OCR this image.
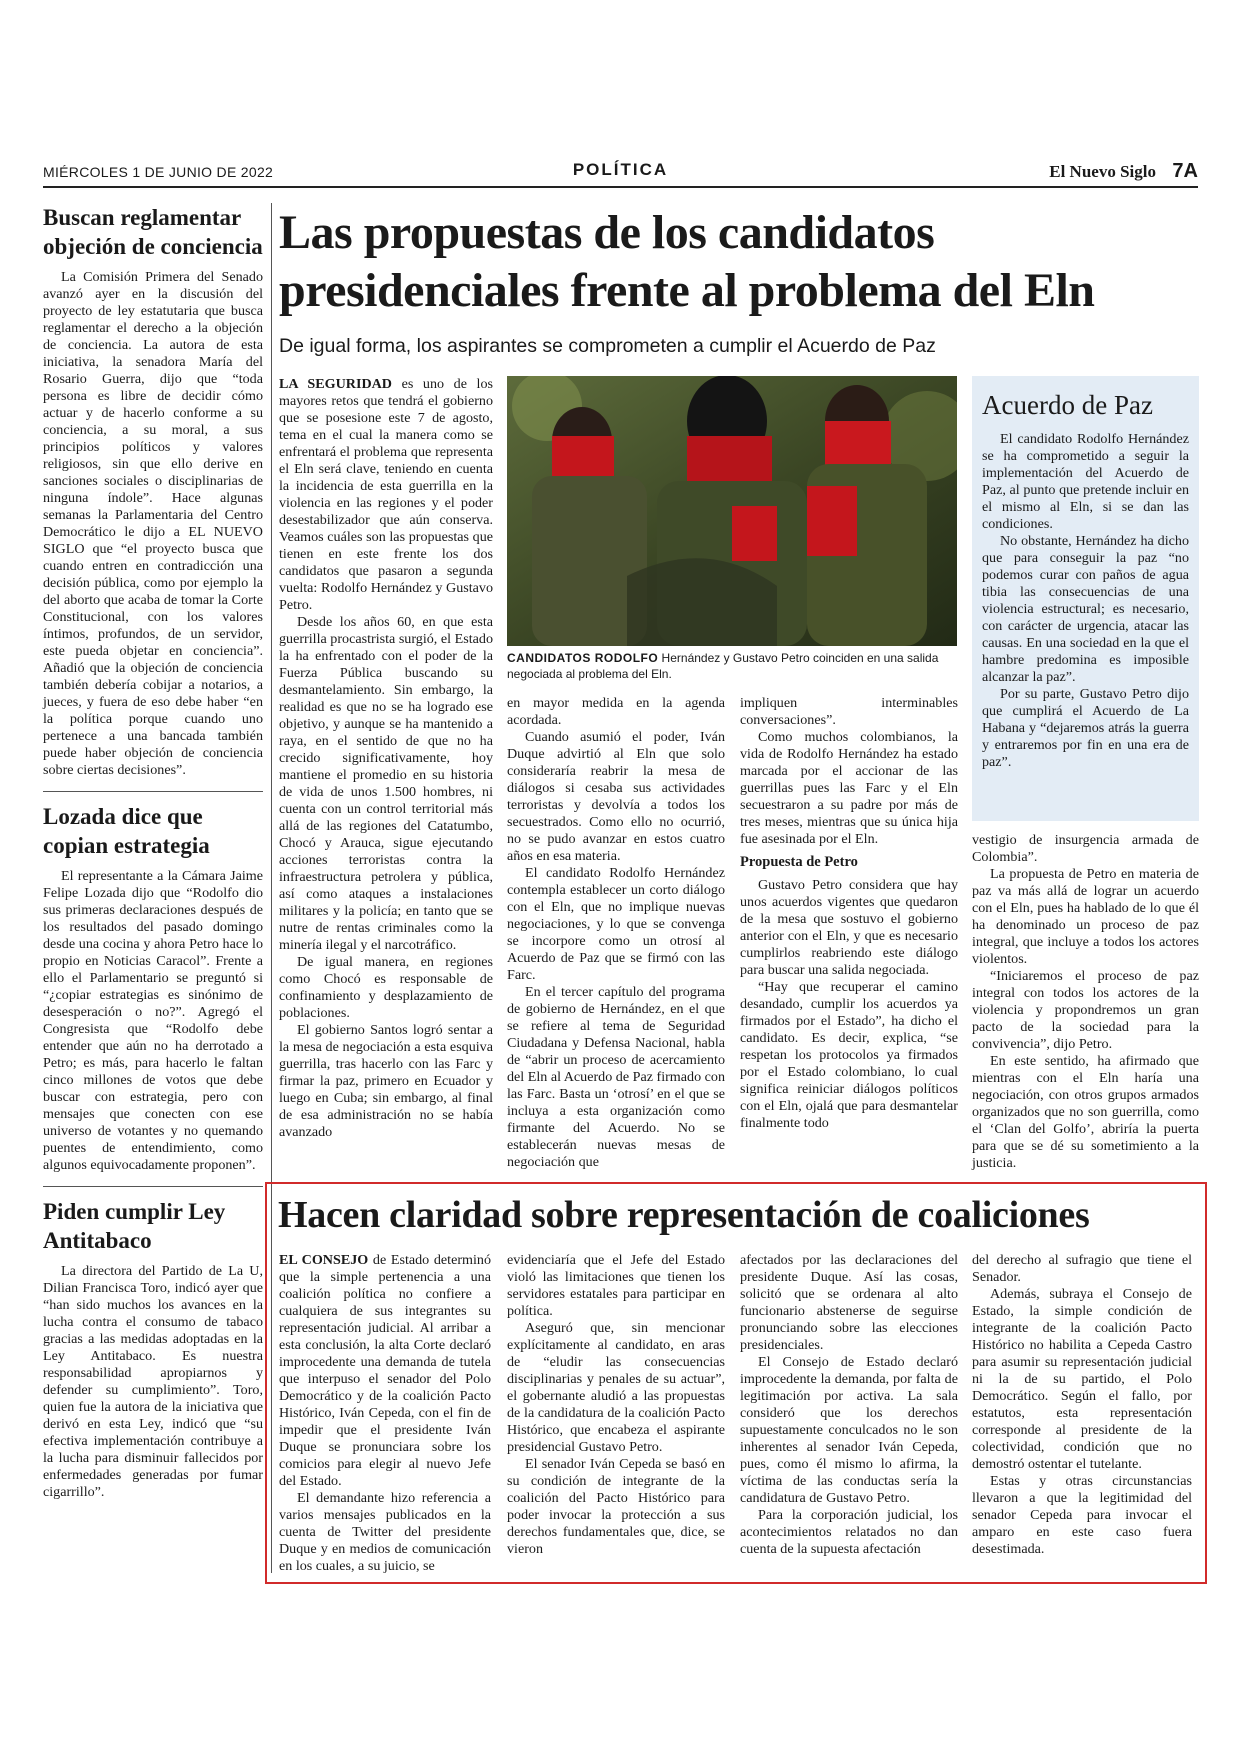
MIÉRCOLES 1 DE JUNIO DE 2022	POLÍTICA	El Nuevo Siglo 7A
Buscan reglamentar objeción de conciencia

La Comisión Primera del Senado avanzó ayer en la discusión del proyecto de ley estatutaria que busca reglamentar el derecho a la objeción de conciencia. La autora de esta iniciativa, la senadora María del Rosario Guerra, dijo que “toda persona es libre de decidir cómo actuar y de hacerlo conforme a su conciencia, a su moral, a sus principios políticos y valores religiosos, sin que ello derive en sanciones sociales o disciplinarias de ninguna índole”. Hace algunas semanas la Parlamentaria del Centro Democrático le dijo a EL NUEVO SIGLO que “el proyecto busca que cuando entren en contradicción una decisión pública, como por ejemplo la del aborto que acaba de tomar la Corte Constitucional, con los valores íntimos, profundos, de un servidor, este pueda objetar en conciencia”. Añadió que la objeción de conciencia también debería cobijar a notarios, a jueces, y fuera de eso debe haber “en la política porque cuando uno pertenece a una bancada también puede haber objeción de conciencia sobre ciertas decisiones”.

Lozada dice que copian estrategia

El representante a la Cámara Jaime Felipe Lozada dijo que “Rodolfo dio sus primeras declaraciones después de los resultados del pasado domingo desde una cocina y ahora Petro hace lo propio en Noticias Caracol”. Frente a ello el Parlamentario se preguntó si “¿copiar estrategias es sinónimo de desesperación o no?”. Agregó el Congresista que “Rodolfo debe entender que aún no ha derrotado a Petro; es más, para hacerlo le faltan cinco millones de votos que debe buscar con estrategia, pero con mensajes que conecten con ese universo de votantes y no quemando puentes de entendimiento, como algunos equivocadamente proponen”.

Piden cumplir Ley Antitabaco

La directora del Partido de La U, Dilian Francisca Toro, indicó ayer que “han sido muchos los avances en la lucha contra el consumo de tabaco gracias a las medidas adoptadas en la Ley Antitabaco. Es nuestra responsabilidad apropiarnos y defender su cumplimiento”. Toro, quien fue la autora de la iniciativa que derivó en esta Ley, indicó que “su efectiva implementación contribuye a la lucha para disminuir fallecidos por enfermedades generadas por fumar cigarrillo”.

Las propuestas de los candidatos presidenciales frente al problema del Eln
De igual forma, los aspirantes se comprometen a cumplir el Acuerdo de Paz

LA SEGURIDAD es uno de los mayores retos que tendrá el gobierno que se posesione este 7 de agosto, tema en el cual la manera como se enfrentará el problema que representa el Eln será clave, teniendo en cuenta la incidencia de esta guerrilla en la violencia en las regiones y el poder desestabilizador que aún conserva. Veamos cuáles son las propuestas que tienen en este frente los dos candidatos que pasaron a segunda vuelta: Rodolfo Hernández y Gustavo Petro.

Desde los años 60, en que esta guerrilla procastrista surgió, el Estado la ha enfrentado con el poder de la Fuerza Pública buscando su desmantelamiento. Sin embargo, la realidad es que no se ha logrado ese objetivo, y aunque se ha mantenido a raya, en el sentido de que no ha crecido significativamente, hoy mantiene el promedio en su historia de vida de unos 1.500 hombres, ni cuenta con un control territorial más allá de las regiones del Catatumbo, Chocó y Arauca, sigue ejecutando acciones terroristas contra la infraestructura petrolera y pública, así como ataques a instalaciones militares y la policía; en tanto que se nutre de rentas criminales como la minería ilegal y el narcotráfico.

De igual manera, en regiones como Chocó es responsable de confinamiento y desplazamiento de poblaciones.

El gobierno Santos logró sentar a la mesa de negociación a esta esquiva guerrilla, tras hacerlo con las Farc y firmar la paz, primero en Ecuador y luego en Cuba; sin embargo, al final de esa administración no se había avanzado

CANDIDATOS RODOLFO Hernández y Gustavo Petro coinciden en una salida negociada al problema del Eln.

en mayor medida en la agenda acordada.

Cuando asumió el poder, Iván Duque advirtió al Eln que solo consideraría reabrir la mesa de diálogos si cesaba sus actividades terroristas y devolvía a todos los secuestrados. Como ello no ocurrió, no se pudo avanzar en estos cuatro años en esa materia.

El candidato Rodolfo Hernández contempla establecer un corto diálogo con el Eln, que no implique nuevas negociaciones, y lo que se convenga se incorpore como un otrosí al Acuerdo de Paz que se firmó con las Farc.

En el tercer capítulo del programa de gobierno de Hernández, en el que se refiere al tema de Seguridad Ciudadana y Defensa Nacional, habla de “abrir un proceso de acercamiento del Eln al Acuerdo de Paz firmado con las Farc. Basta un ‘otrosí’ en el que se incluya a esta organización como firmante del Acuerdo. No se establecerán nuevas mesas de negociación que

impliquen interminables conversaciones”.

Como muchos colombianos, la vida de Rodolfo Hernández ha estado marcada por el accionar de las guerrillas pues las Farc y el Eln secuestraron a su padre por más de tres meses, mientras que su única hija fue asesinada por el Eln.

Propuesta de Petro

Gustavo Petro considera que hay unos acuerdos vigentes que quedaron de la mesa que sostuvo el gobierno anterior con el Eln, y que es necesario cumplirlos reabriendo este diálogo para buscar una salida negociada.

“Hay que recuperar el camino desandado, cumplir los acuerdos ya firmados por el Estado”, ha dicho el candidato. Es decir, explica, “se respetan los protocolos ya firmados por el Estado colombiano, lo cual significa reiniciar diálogos políticos con el Eln, ojalá que para desmantelar finalmente todo

Acuerdo de Paz

El candidato Rodolfo Hernández se ha comprometido a seguir la implementación del Acuerdo de Paz, al punto que pretende incluir en el mismo al Eln, si se dan las condiciones.

No obstante, Hernández ha dicho que para conseguir la paz “no podemos curar con paños de agua tibia las consecuencias de una violencia estructural; es necesario, con carácter de urgencia, atacar las causas. En una sociedad en la que el hambre predomina es imposible alcanzar la paz”.

Por su parte, Gustavo Petro dijo que cumplirá el Acuerdo de La Habana y “dejaremos atrás la guerra y entraremos por fin en una era de paz”.

vestigio de insurgencia armada de Colombia”.

La propuesta de Petro en materia de paz va más allá de lograr un acuerdo con el Eln, pues ha hablado de lo que él ha denominado un proceso de paz integral, que incluye a todos los actores violentos.

“Iniciaremos el proceso de paz integral con todos los actores de la violencia y propondremos un gran pacto de la sociedad para la convivencia”, dijo Petro.

En este sentido, ha afirmado que mientras con el Eln haría una negociación, con otros grupos armados organizados que no son guerrilla, como el ‘Clan del Golfo’, abriría la puerta para que se dé su sometimiento a la justicia.

Hacen claridad sobre representación de coaliciones

EL CONSEJO de Estado determinó que la simple pertenencia a una coalición política no confiere a cualquiera de sus integrantes su representación judicial. Al arribar a esta conclusión, la alta Corte declaró improcedente una demanda de tutela que interpuso el senador del Polo Democrático y de la coalición Pacto Histórico, Iván Cepeda, con el fin de impedir que el presidente Iván Duque se pronunciara sobre los comicios para elegir al nuevo Jefe del Estado.

El demandante hizo referencia a varios mensajes publicados en la cuenta de Twitter del presidente Duque y en medios de comunicación en los cuales, a su juicio, se

evidenciaría que el Jefe del Estado violó las limitaciones que tienen los servidores estatales para participar en política.

Aseguró que, sin mencionar explícitamente al candidato, en aras de “eludir las consecuencias disciplinarias y penales de su actuar”, el gobernante aludió a las propuestas de la candidatura de la coalición Pacto Histórico, que encabeza el aspirante presidencial Gustavo Petro.

El senador Iván Cepeda se basó en su condición de integrante de la coalición del Pacto Histórico para poder invocar la protección a sus derechos fundamentales que, dice, se vieron

afectados por las declaraciones del presidente Duque. Así las cosas, solicitó que se ordenara al alto funcionario abstenerse de seguirse pronunciando sobre las elecciones presidenciales.

El Consejo de Estado declaró improcedente la demanda, por falta de legitimación por activa. La sala consideró que los derechos supuestamente conculcados no le son inherentes al senador Iván Cepeda, pues, como él mismo lo afirma, la víctima de las conductas sería la candidatura de Gustavo Petro.

Para la corporación judicial, los acontecimientos relatados no dan cuenta de la supuesta afectación

del derecho al sufragio que tiene el Senador.

Además, subraya el Consejo de Estado, la simple condición de integrante de la coalición Pacto Histórico no habilita a Cepeda Castro para asumir su representación judicial ni la de su partido, el Polo Democrático. Según el fallo, por estatutos, esta representación corresponde al presidente de la colectividad, condición que no demostró ostentar el tutelante.

Estas y otras circunstancias llevaron a que la legitimidad del senador Cepeda para invocar el amparo en este caso fuera desestimada.
